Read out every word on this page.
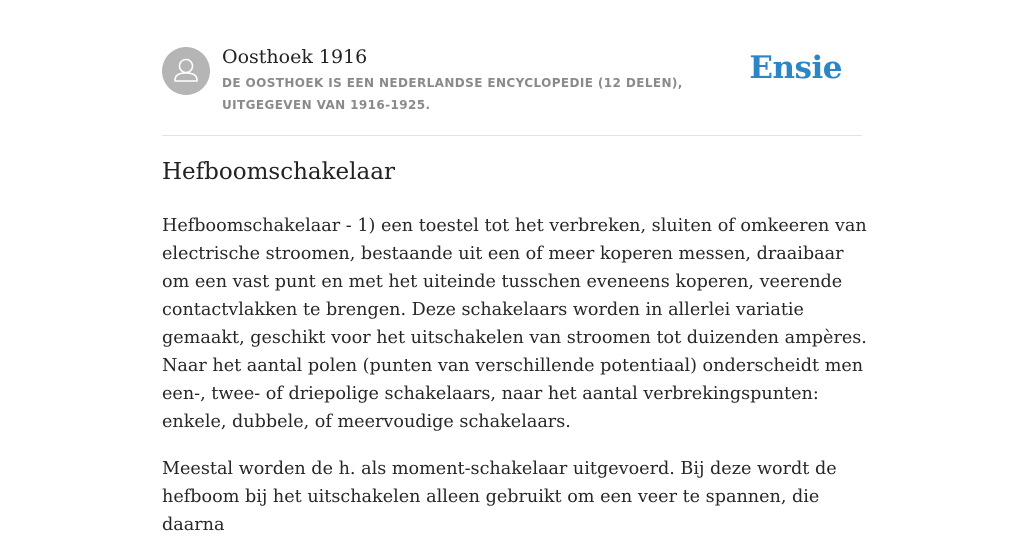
Oosthoek 1916
DE OOSTHOEK IS EEN NEDERLANDSE ENCYCLOPEDIE (12 DELEN), UITGEGEVEN VAN 1916-1925.
Ensie
Hefboomschakelaar

Hefboomschakelaar - 1) een toestel tot het verbreken, sluiten of omkeeren van electrische stroomen, bestaande uit een of meer koperen messen, draaibaar om een vast punt en met het uiteinde tusschen eveneens koperen, veerende contactvlakken te brengen. Deze schakelaars worden in allerlei variatie gemaakt, geschikt voor het uitschakelen van stroomen tot duizenden ampères. Naar het aantal polen (punten van verschillende potentiaal) onderscheidt men een-, twee- of driepolige schakelaars, naar het aantal verbrekingspunten: enkele, dubbele, of meervoudige schakelaars.

Meestal worden de h. als moment-schakelaar uitgevoerd. Bij deze wordt de hefboom bij het uitschakelen alleen gebruikt om een veer te spannen, die daarna
